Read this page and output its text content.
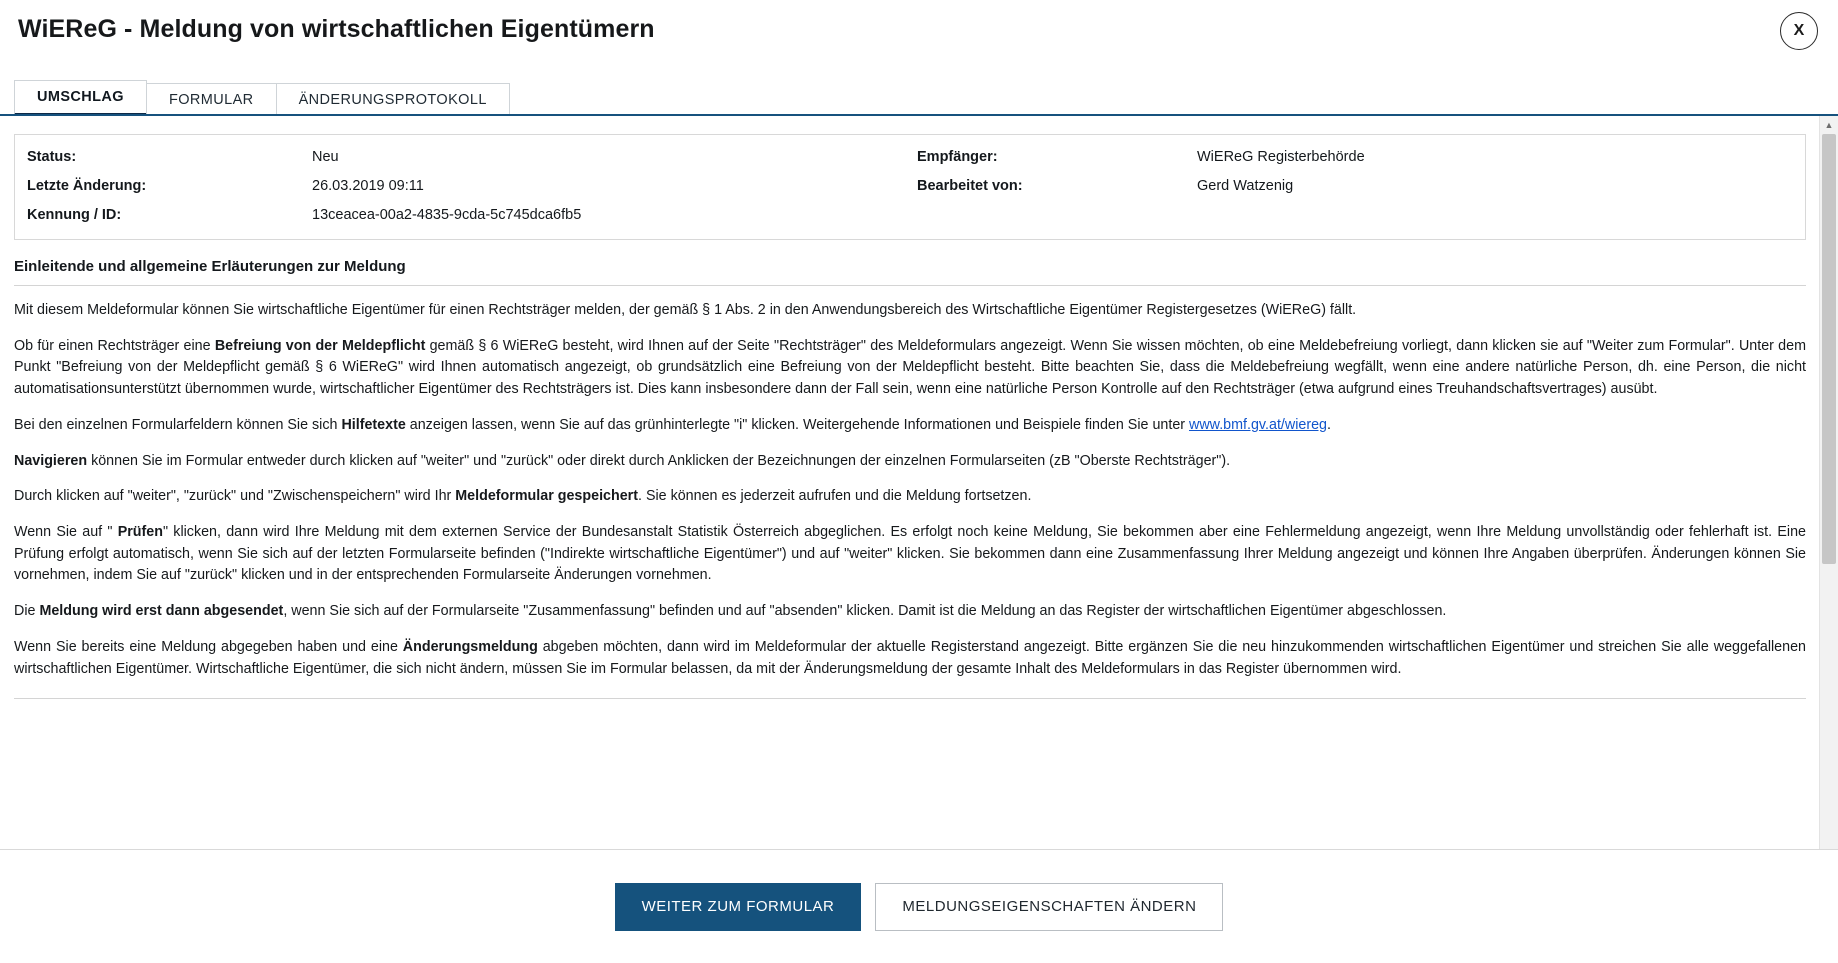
WiEReG - Meldung von wirtschaftlichen Eigentümern	X
UMSCHLAG	FORMULAR	ÄNDERUNGSPROTOKOLL
Status:	Neu	Empfänger:	WiEReG Registerbehörde
Letzte Änderung:	26.03.2019 09:11	Bearbeitet von:	Gerd Watzenig
Kennung / ID:	13ceacea-00a2-4835-9cda-5c745dca6fb5
Einleitende und allgemeine Erläuterungen zur Meldung

Mit diesem Meldeformular können Sie wirtschaftliche Eigentümer für einen Rechtsträger melden, der gemäß § 1 Abs. 2 in den Anwendungsbereich des Wirtschaftliche Eigentümer Registergesetzes (WiEReG) fällt.

Ob für einen Rechtsträger eine Befreiung von der Meldepflicht gemäß § 6 WiEReG besteht, wird Ihnen auf der Seite "Rechtsträger" des Meldeformulars angezeigt. Wenn Sie wissen möchten, ob eine Meldebefreiung vorliegt, dann klicken sie auf "Weiter zum Formular". Unter dem Punkt "Befreiung von der Meldepflicht gemäß § 6 WiEReG" wird Ihnen automatisch angezeigt, ob grundsätzlich eine Befreiung von der Meldepflicht besteht. Bitte beachten Sie, dass die Meldebefreiung wegfällt, wenn eine andere natürliche Person, dh. eine Person, die nicht automatisationsunterstützt übernommen wurde, wirtschaftlicher Eigentümer des Rechtsträgers ist. Dies kann insbesondere dann der Fall sein, wenn eine natürliche Person Kontrolle auf den Rechtsträger (etwa aufgrund eines Treuhandschaftsvertrages) ausübt.

Bei den einzelnen Formularfeldern können Sie sich Hilfetexte anzeigen lassen, wenn Sie auf das grünhinterlegte "i" klicken. Weitergehende Informationen und Beispiele finden Sie unter www.bmf.gv.at/wiereg.

Navigieren können Sie im Formular entweder durch klicken auf "weiter" und "zurück" oder direkt durch Anklicken der Bezeichnungen der einzelnen Formularseiten (zB "Oberste Rechtsträger").

Durch klicken auf "weiter", "zurück" und "Zwischenspeichern" wird Ihr Meldeformular gespeichert. Sie können es jederzeit aufrufen und die Meldung fortsetzen.

Wenn Sie auf " Prüfen" klicken, dann wird Ihre Meldung mit dem externen Service der Bundesanstalt Statistik Österreich abgeglichen. Es erfolgt noch keine Meldung, Sie bekommen aber eine Fehlermeldung angezeigt, wenn Ihre Meldung unvollständig oder fehlerhaft ist. Eine Prüfung erfolgt automatisch, wenn Sie sich auf der letzten Formularseite befinden ("Indirekte wirtschaftliche Eigentümer") und auf "weiter" klicken. Sie bekommen dann eine Zusammenfassung Ihrer Meldung angezeigt und können Ihre Angaben überprüfen. Änderungen können Sie vornehmen, indem Sie auf "zurück" klicken und in der entsprechenden Formularseite Änderungen vornehmen.

Die Meldung wird erst dann abgesendet, wenn Sie sich auf der Formularseite "Zusammenfassung" befinden und auf "absenden" klicken. Damit ist die Meldung an das Register der wirtschaftlichen Eigentümer abgeschlossen.

Wenn Sie bereits eine Meldung abgegeben haben und eine Änderungsmeldung abgeben möchten, dann wird im Meldeformular der aktuelle Registerstand angezeigt. Bitte ergänzen Sie die neu hinzukommenden wirtschaftlichen Eigentümer und streichen Sie alle weggefallenen wirtschaftlichen Eigentümer. Wirtschaftliche Eigentümer, die sich nicht ändern, müssen Sie im Formular belassen, da mit der Änderungsmeldung der gesamte Inhalt des Meldeformulars in das Register übernommen wird.

▲
WEITER ZUM FORMULAR	MELDUNGSEIGENSCHAFTEN ÄNDERN
